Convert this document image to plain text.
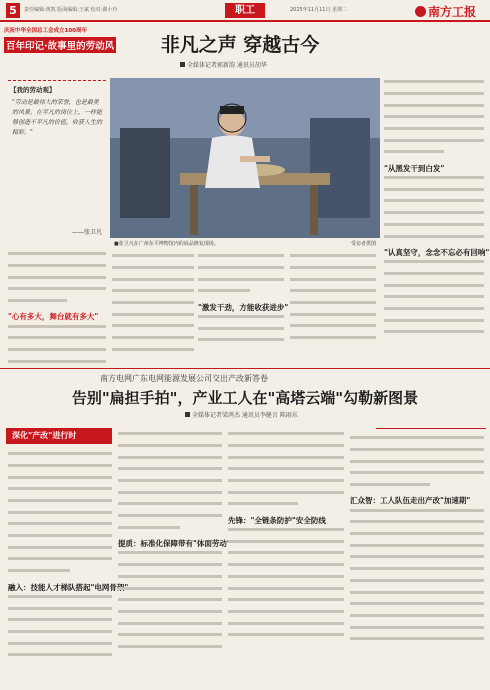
5	责任编辑:黄凯 版面编辑:王斌 校对:谢小玲	职工	2025年11月11日 星期二	南方工报
庆祝中华全国总工会成立100周年
百年印记·故事里的劳动风	非凡之声 穿越古今
全媒体记者郭新韵 通讯员胡华
【我的劳动观】
"劳动是最伟大的荣誉，也是最美的风景。在平凡的岗位上，一样能够创造不平凡的价值，收获人生的精彩。"
——张卫凡
■张卫凡在广州东平博物馆内的展品修复现场。	受访者供图
"心有多大，舞台就有多大"
"激发干劲，方能收获进步"
"从黑发干到白发"
"认真坚守，念念不忘必有回响"
南方电网广东电网能源发展公司交出产改新答卷
告别"扁担手拍"，产业工人在"高塔云端"勾勒新图景
全媒体记者梁鸿杰 通讯员李健言 陈雨东
深化"产改"进行时
融入：技能人才梯队搭起"电网骨架"
提质：标准化保障带有"体面劳动"
先锋："全链条防护"安全防线
汇众智：工人队伍走出产改"加速期"
